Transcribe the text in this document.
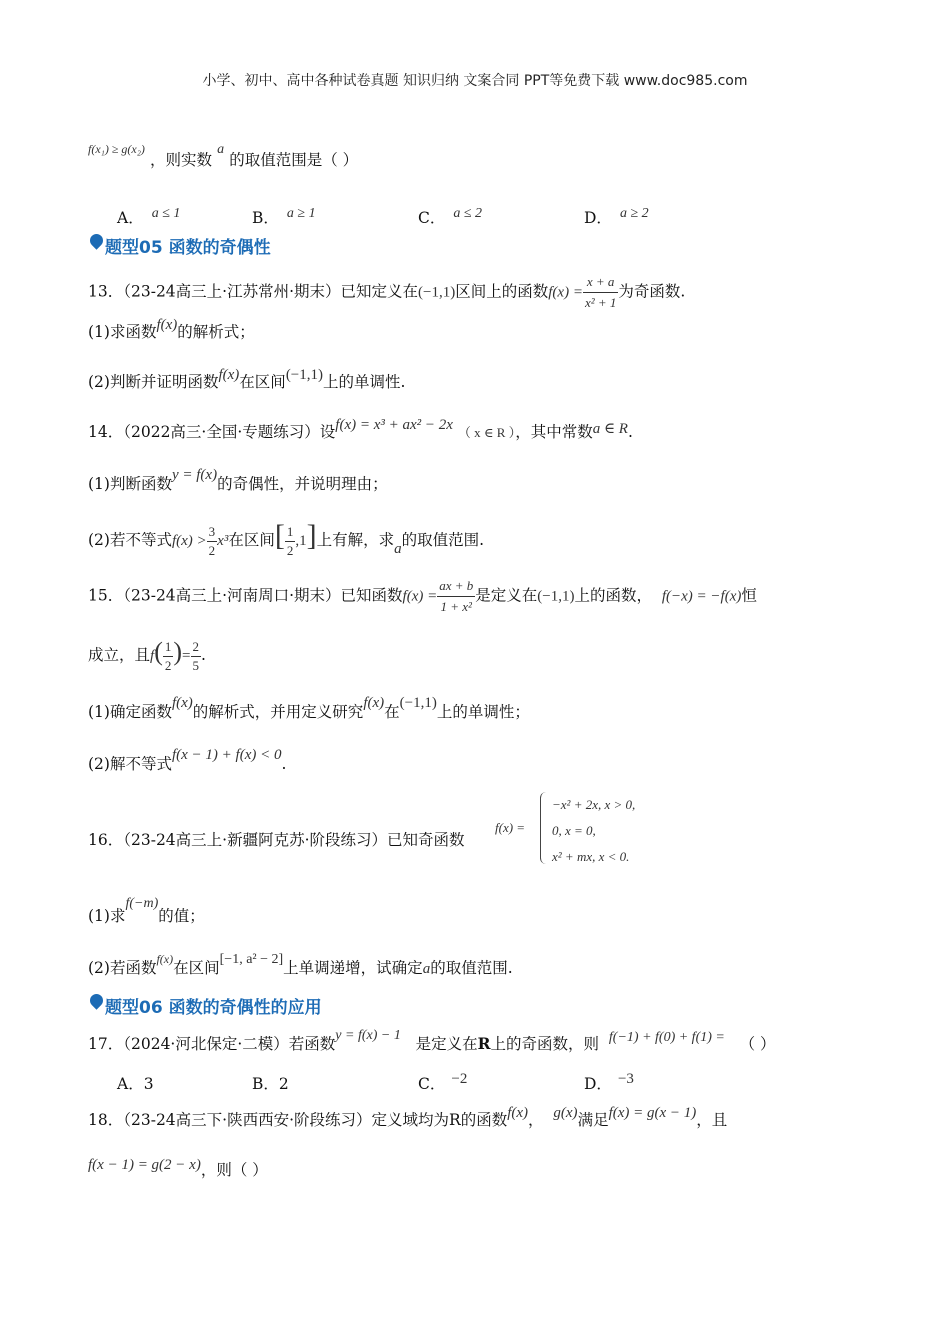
小学、初中、高中各种试卷真题 知识归纳 文案合同 PPT等免费下载 www.doc985.com
$^{f(x_1) \ge g(x_2)}$ ，则实数 a 的取值范围是（ ）
A． a ≤ 1	B． a ≥ 1	C． a ≤ 2	D． a ≥ 2
题型05 函数的奇偶性
13．（23-24高三上·江苏常州·期末）已知定义在(−1,1)区间上的函数$f(x) = \frac{x + a}{\text{x² + 1}}$ 为奇函数.
(1)求函数f(x)的解析式；
(2)判断并证明函数f(x)在区间(−1,1)上的单调性.
14．（2022高三·全国·专题练习）设f(x) = x³ + ax² − 2x （ x ∈ R ），其中常数a ∈ R.
(1)判断函数y = f(x)的奇偶性，并说明理由；
(2)若不等式$f(x) > \frac{3}{2} x^3$在区间[ $\frac{1}{2} ,1$]上有解，求a的取值范围.
15．（23-24高三上·河南周口·期末）已知函数$f(x) = \frac{ax + b}{\text{1 + x²}}$ 是定义在(−1,1)上的函数， f(−x) = −f(x)恒
成立，且$f( \frac{1}{2}$ )= $\frac{2}{5}$ .
(1)确定函数f(x)的解析式，并用定义研究f(x)在(−1,1)上的单调性；
(2)解不等式f(x − 1) + f(x) < 0.
16．（23-24高三上·新疆阿克苏·阶段练习）已知奇函数
f(x) =
−x² + 2x, x > 0,
0, x = 0,
x² + mx, x < 0.
(1)求f(−m)的值；
(2)若函数$^{f(x)}$在区间[−1, a² − 2]上单调递增，试确定a的取值范围.
题型06 函数的奇偶性的应用
17．（2024·河北保定·二模）若函数y = f(x) − 1 是定义在R上的奇函数，则 f(−1) + f(0) + f(1) = （ ）
A．3	B．2	C． −2	D． −3
18．（23-24高三下·陕西西安·阶段练习）定义域均为R的函数f(x)， g(x)满足f(x) = g(x − 1)，且
f(x − 1) = g(2 − x)，则（ ）
